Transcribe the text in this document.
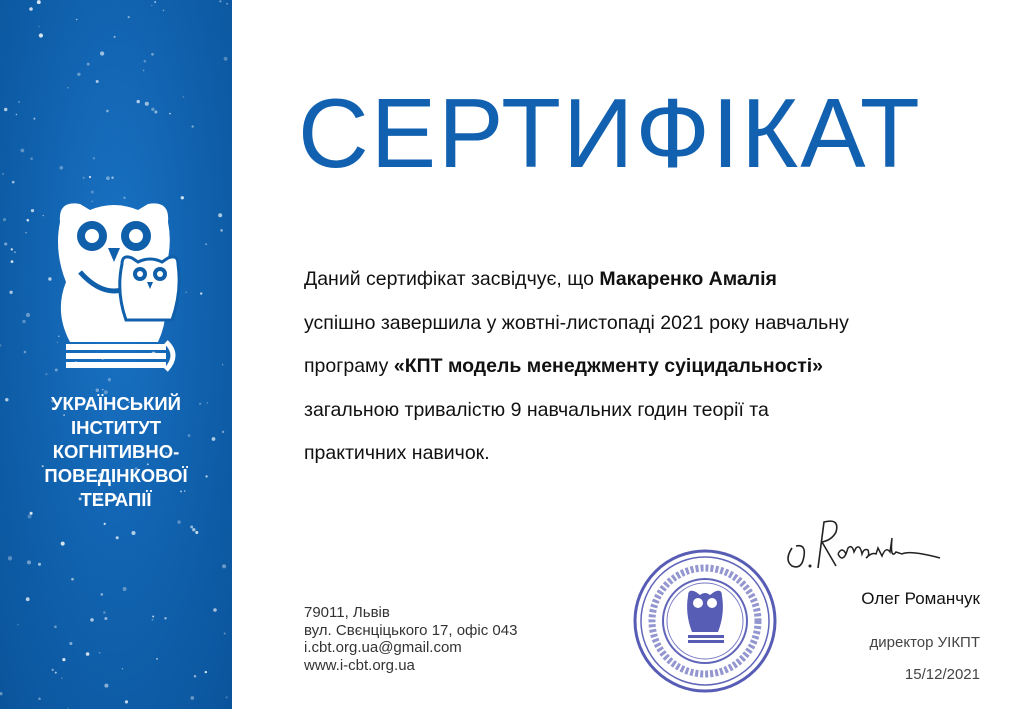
УКРАЇНСЬКИЙ
ІНСТИТУТ
КОГНІТИВНО-
ПОВЕДІНКОВОЇ
ТЕРАПІЇ
СЕРТИФІКАТ
Даний сертифікат засвідчує, що Макаренко Амалія
успішно завершила у жовтні-листопаді 2021 року навчальну
програму «КПТ модель менеджменту суіцидальності»
загальною тривалістю 9 навчальних годин теорії та
практичних навичок.
79011, Львів
вул. Свєнціцького 17, офіс 043
i.cbt.org.ua@gmail.com
www.i-cbt.org.ua
Олег Романчук
директор УІКПТ
15/12/2021
